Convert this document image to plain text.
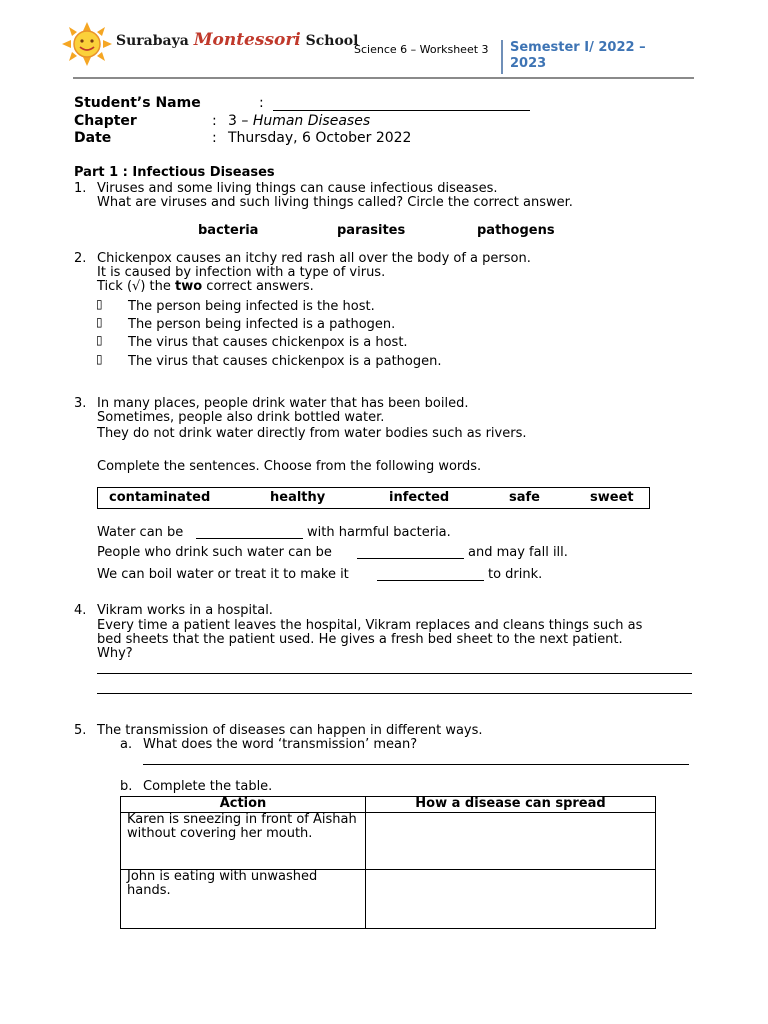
Surabaya Montessori School
Science 6 – Worksheet 3 Semester I/ 2022 –
2023
Student’s Name	:
Chapter	: 3 – Human Diseases
Date	: Thursday, 6 October 2022
Part 1 : Infectious Diseases
1. Viruses and some living things can cause infectious diseases.
What are viruses and such living things called? Circle the correct answer.
bacteria	parasites	pathogens
2. Chickenpox causes an itchy red rash all over the body of a person.
It is caused by infection with a type of virus.
Tick (√) the two correct answers.
▯ The person being infected is the host.
▯ The person being infected is a pathogen.
▯ The virus that causes chickenpox is a host.
▯ The virus that causes chickenpox is a pathogen.
3. In many places, people drink water that has been boiled.
Sometimes, people also drink bottled water.
They do not drink water directly from water bodies such as rivers.
Complete the sentences. Choose from the following words.
contaminated	healthy	infected	safe	sweet
Water can be	with harmful bacteria.
People who drink such water can be	and may fall ill.
We can boil water or treat it to make it	to drink.
4. Vikram works in a hospital.
Every time a patient leaves the hospital, Vikram replaces and cleans things such as
bed sheets that the patient used. He gives a fresh bed sheet to the next patient.
Why?
5. The transmission of diseases can happen in different ways.
a. What does the word ‘transmission’ mean?
b. Complete the table.
Action	How a disease can spread
Karen is sneezing in front of Aishah without covering her mouth.	
John is eating with unwashed hands.	
